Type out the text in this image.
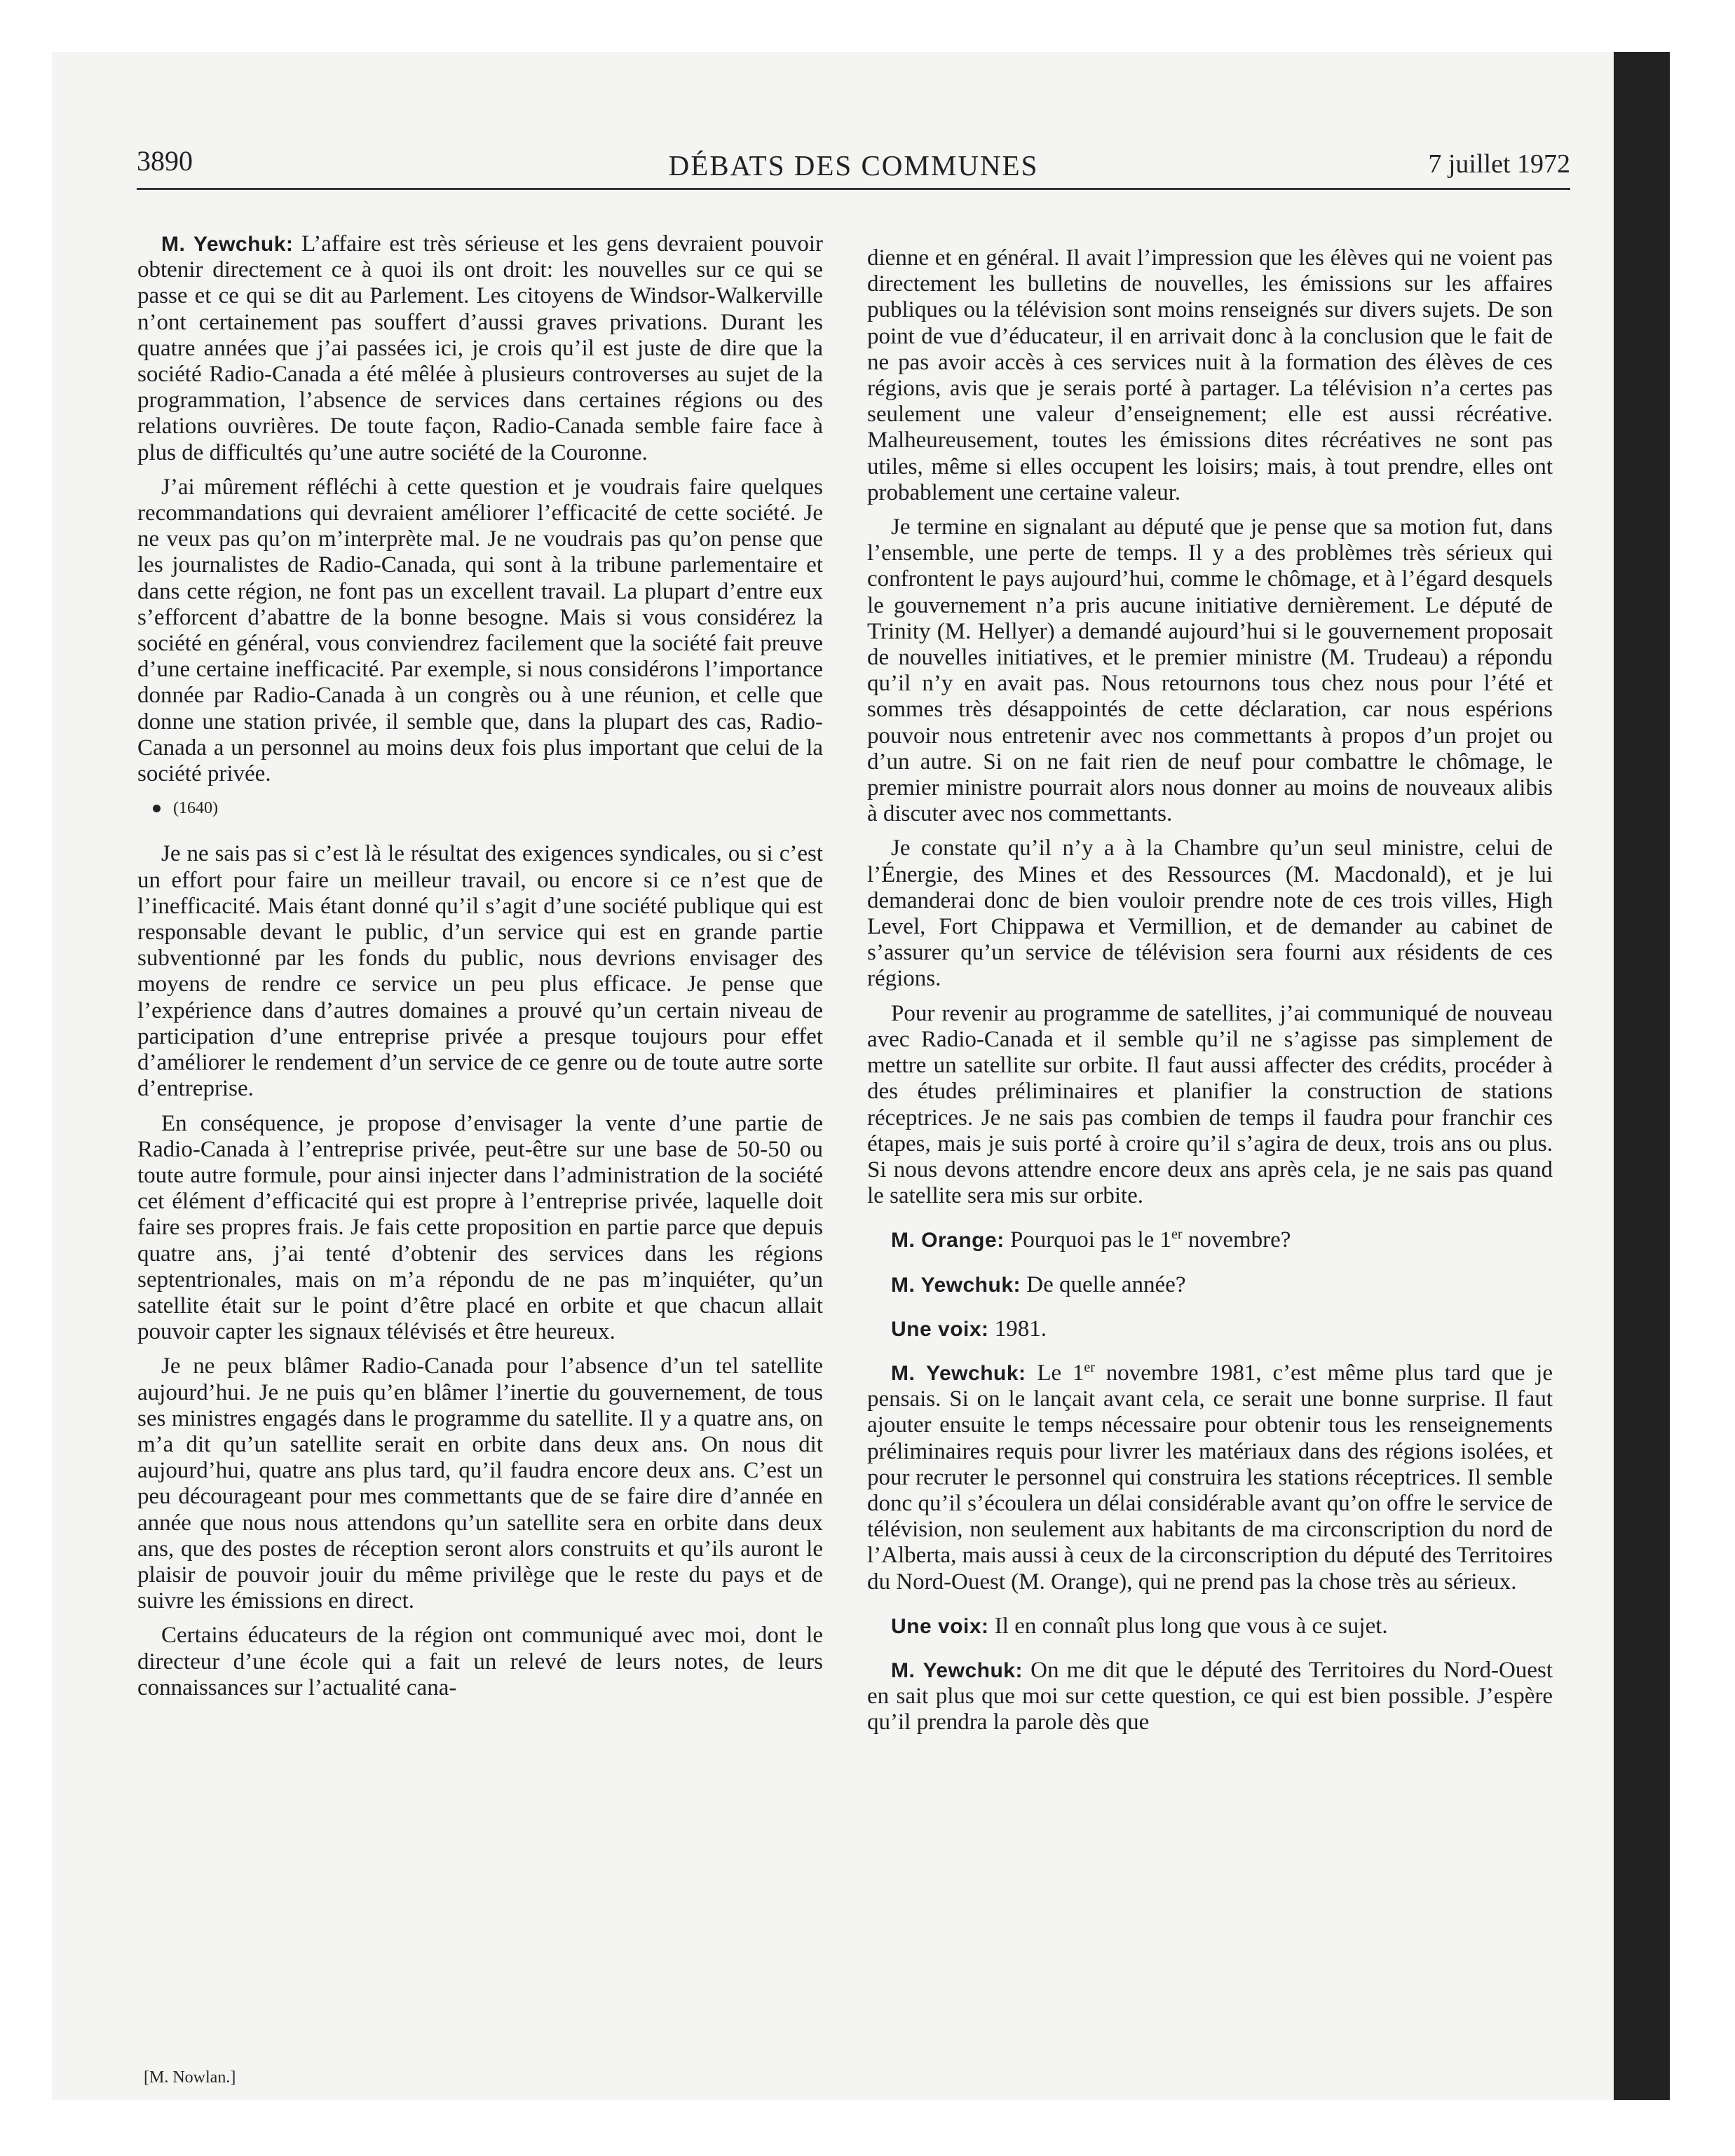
3890	DÉBATS DES COMMUNES	7 juillet 1972

M. Yewchuk: L’affaire est très sérieuse et les gens devraient pouvoir obtenir directement ce à quoi ils ont droit: les nouvelles sur ce qui se passe et ce qui se dit au Parlement. Les citoyens de Windsor-Walkerville n’ont certainement pas souffert d’aussi graves privations. Durant les quatre années que j’ai passées ici, je crois qu’il est juste de dire que la société Radio-Canada a été mêlée à plusieurs controverses au sujet de la programmation, l’absence de services dans certaines régions ou des relations ouvrières. De toute façon, Radio-Canada semble faire face à plus de difficultés qu’une autre société de la Couronne.

J’ai mûrement réfléchi à cette question et je voudrais faire quelques recommandations qui devraient améliorer l’efficacité de cette société. Je ne veux pas qu’on m’interprète mal. Je ne voudrais pas qu’on pense que les journalistes de Radio-Canada, qui sont à la tribune parlementaire et dans cette région, ne font pas un excellent travail. La plupart d’entre eux s’efforcent d’abattre de la bonne besogne. Mais si vous considérez la société en général, vous conviendrez facilement que la société fait preuve d’une certaine inefficacité. Par exemple, si nous considérons l’importance donnée par Radio-Canada à un congrès ou à une réunion, et celle que donne une station privée, il semble que, dans la plupart des cas, Radio-Canada a un personnel au moins deux fois plus important que celui de la société privée.

(1640)

Je ne sais pas si c’est là le résultat des exigences syndicales, ou si c’est un effort pour faire un meilleur travail, ou encore si ce n’est que de l’inefficacité. Mais étant donné qu’il s’agit d’une société publique qui est responsable devant le public, d’un service qui est en grande partie subventionné par les fonds du public, nous devrions envisager des moyens de rendre ce service un peu plus efficace. Je pense que l’expérience dans d’autres domaines a prouvé qu’un certain niveau de participation d’une entreprise privée a presque toujours pour effet d’améliorer le rendement d’un service de ce genre ou de toute autre sorte d’entreprise.

En conséquence, je propose d’envisager la vente d’une partie de Radio-Canada à l’entreprise privée, peut-être sur une base de 50-50 ou toute autre formule, pour ainsi injecter dans l’administration de la société cet élément d’efficacité qui est propre à l’entreprise privée, laquelle doit faire ses propres frais. Je fais cette proposition en partie parce que depuis quatre ans, j’ai tenté d’obtenir des services dans les régions septentrionales, mais on m’a répondu de ne pas m’inquiéter, qu’un satellite était sur le point d’être placé en orbite et que chacun allait pouvoir capter les signaux télévisés et être heureux.

Je ne peux blâmer Radio-Canada pour l’absence d’un tel satellite aujourd’hui. Je ne puis qu’en blâmer l’inertie du gouvernement, de tous ses ministres engagés dans le programme du satellite. Il y a quatre ans, on m’a dit qu’un satellite serait en orbite dans deux ans. On nous dit aujourd’hui, quatre ans plus tard, qu’il faudra encore deux ans. C’est un peu décourageant pour mes commettants que de se faire dire d’année en année que nous nous attendons qu’un satellite sera en orbite dans deux ans, que des postes de réception seront alors construits et qu’ils auront le plaisir de pouvoir jouir du même privilège que le reste du pays et de suivre les émissions en direct.

Certains éducateurs de la région ont communiqué avec moi, dont le directeur d’une école qui a fait un relevé de leurs notes, de leurs connaissances sur l’actualité cana-

dienne et en général. Il avait l’impression que les élèves qui ne voient pas directement les bulletins de nouvelles, les émissions sur les affaires publiques ou la télévision sont moins renseignés sur divers sujets. De son point de vue d’éducateur, il en arrivait donc à la conclusion que le fait de ne pas avoir accès à ces services nuit à la formation des élèves de ces régions, avis que je serais porté à partager. La télévision n’a certes pas seulement une valeur d’enseignement; elle est aussi récréative. Malheureusement, toutes les émissions dites récréatives ne sont pas utiles, même si elles occupent les loisirs; mais, à tout prendre, elles ont probablement une certaine valeur.

Je termine en signalant au député que je pense que sa motion fut, dans l’ensemble, une perte de temps. Il y a des problèmes très sérieux qui confrontent le pays aujourd’hui, comme le chômage, et à l’égard desquels le gouvernement n’a pris aucune initiative dernièrement. Le député de Trinity (M. Hellyer) a demandé aujourd’hui si le gouvernement proposait de nouvelles initiatives, et le premier ministre (M. Trudeau) a répondu qu’il n’y en avait pas. Nous retournons tous chez nous pour l’été et sommes très désappointés de cette déclaration, car nous espérions pouvoir nous entretenir avec nos commettants à propos d’un projet ou d’un autre. Si on ne fait rien de neuf pour combattre le chômage, le premier ministre pourrait alors nous donner au moins de nouveaux alibis à discuter avec nos commettants.

Je constate qu’il n’y a à la Chambre qu’un seul ministre, celui de l’Énergie, des Mines et des Ressources (M. Macdonald), et je lui demanderai donc de bien vouloir prendre note de ces trois villes, High Level, Fort Chippawa et Vermillion, et de demander au cabinet de s’assurer qu’un service de télévision sera fourni aux résidents de ces régions.

Pour revenir au programme de satellites, j’ai communiqué de nouveau avec Radio-Canada et il semble qu’il ne s’agisse pas simplement de mettre un satellite sur orbite. Il faut aussi affecter des crédits, procéder à des études préliminaires et planifier la construction de stations réceptrices. Je ne sais pas combien de temps il faudra pour franchir ces étapes, mais je suis porté à croire qu’il s’agira de deux, trois ans ou plus. Si nous devons attendre encore deux ans après cela, je ne sais pas quand le satellite sera mis sur orbite.

M. Orange: Pourquoi pas le 1er novembre?

M. Yewchuk: De quelle année?

Une voix: 1981.

M. Yewchuk: Le 1er novembre 1981, c’est même plus tard que je pensais. Si on le lançait avant cela, ce serait une bonne surprise. Il faut ajouter ensuite le temps nécessaire pour obtenir tous les renseignements préliminaires requis pour livrer les matériaux dans des régions isolées, et pour recruter le personnel qui construira les stations réceptrices. Il semble donc qu’il s’écoulera un délai considérable avant qu’on offre le service de télévision, non seulement aux habitants de ma circonscription du nord de l’Alberta, mais aussi à ceux de la circonscription du député des Territoires du Nord-Ouest (M. Orange), qui ne prend pas la chose très au sérieux.

Une voix: Il en connaît plus long que vous à ce sujet.

M. Yewchuk: On me dit que le député des Territoires du Nord-Ouest en sait plus que moi sur cette question, ce qui est bien possible. J’espère qu’il prendra la parole dès que

[M. Nowlan.]
